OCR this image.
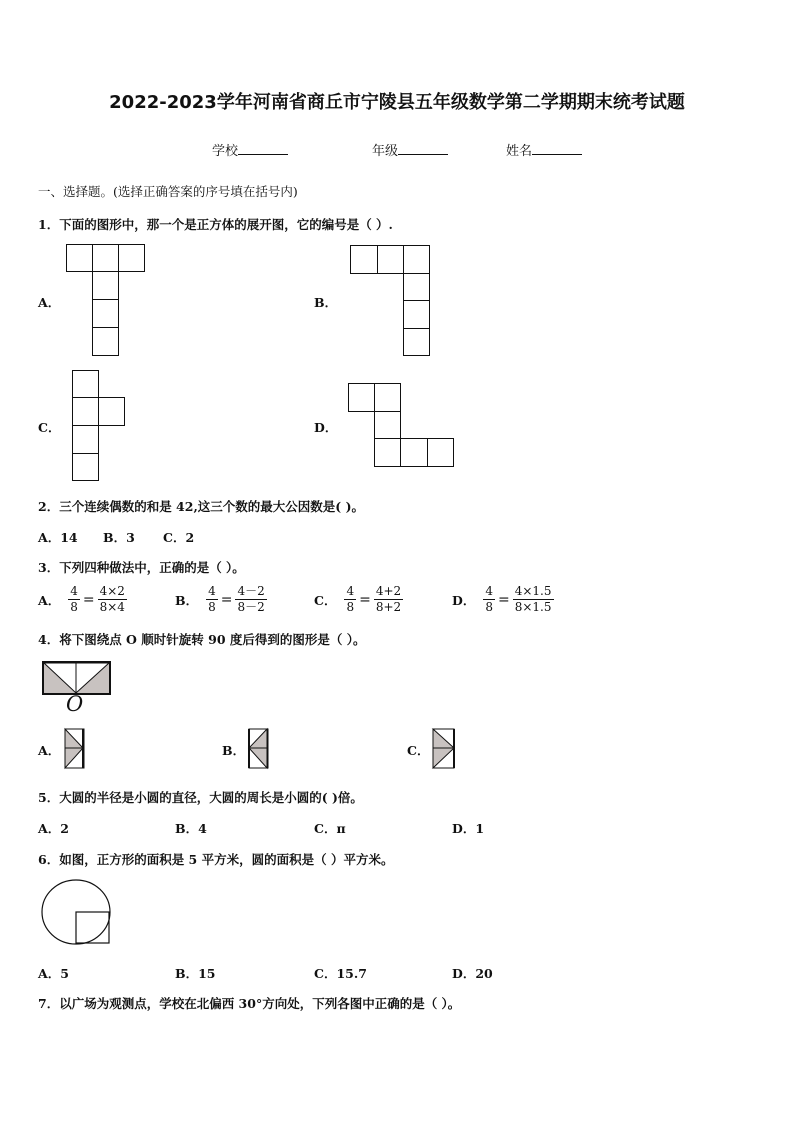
2022-2023学年河南省商丘市宁陵县五年级数学第二学期期末统考试题
学校	年级	姓名
一、选择题。(选择正确答案的序号填在括号内)
1．下面的图形中，那一个是正方体的展开图，它的编号是（ ）.
A．	B．
C．	D．
2．三个连续偶数的和是 42,这三个数的最大公因数是( )。
A．14 B．3 C．2
3．下列四种做法中，正确的是（ ）。
A． $\frac{4}{8} = \frac{4\times 2}{8\times 4}$	B． $\frac{4}{8} = \frac{4-2}{8-2}$	C． $\frac{4}{8} = \frac{4+2}{8+2}$	D． $\frac{4}{8} = \frac{4\times 1.5}{8\times 1.5}$
4．将下图绕点 O 顺时针旋转 90 度后得到的图形是（ ）。
O
A．	B．	C．
5．大圆的半径是小圆的直径，大圆的周长是小圆的( )倍。
A．2	B．4	C．π	D．1
6．如图，正方形的面积是 5 平方米，圆的面积是（ ）平方米。
A．5	B．15	C．15.7	D．20
7．以广场为观测点，学校在北偏西 30°方向处，下列各图中正确的是（ ）。
